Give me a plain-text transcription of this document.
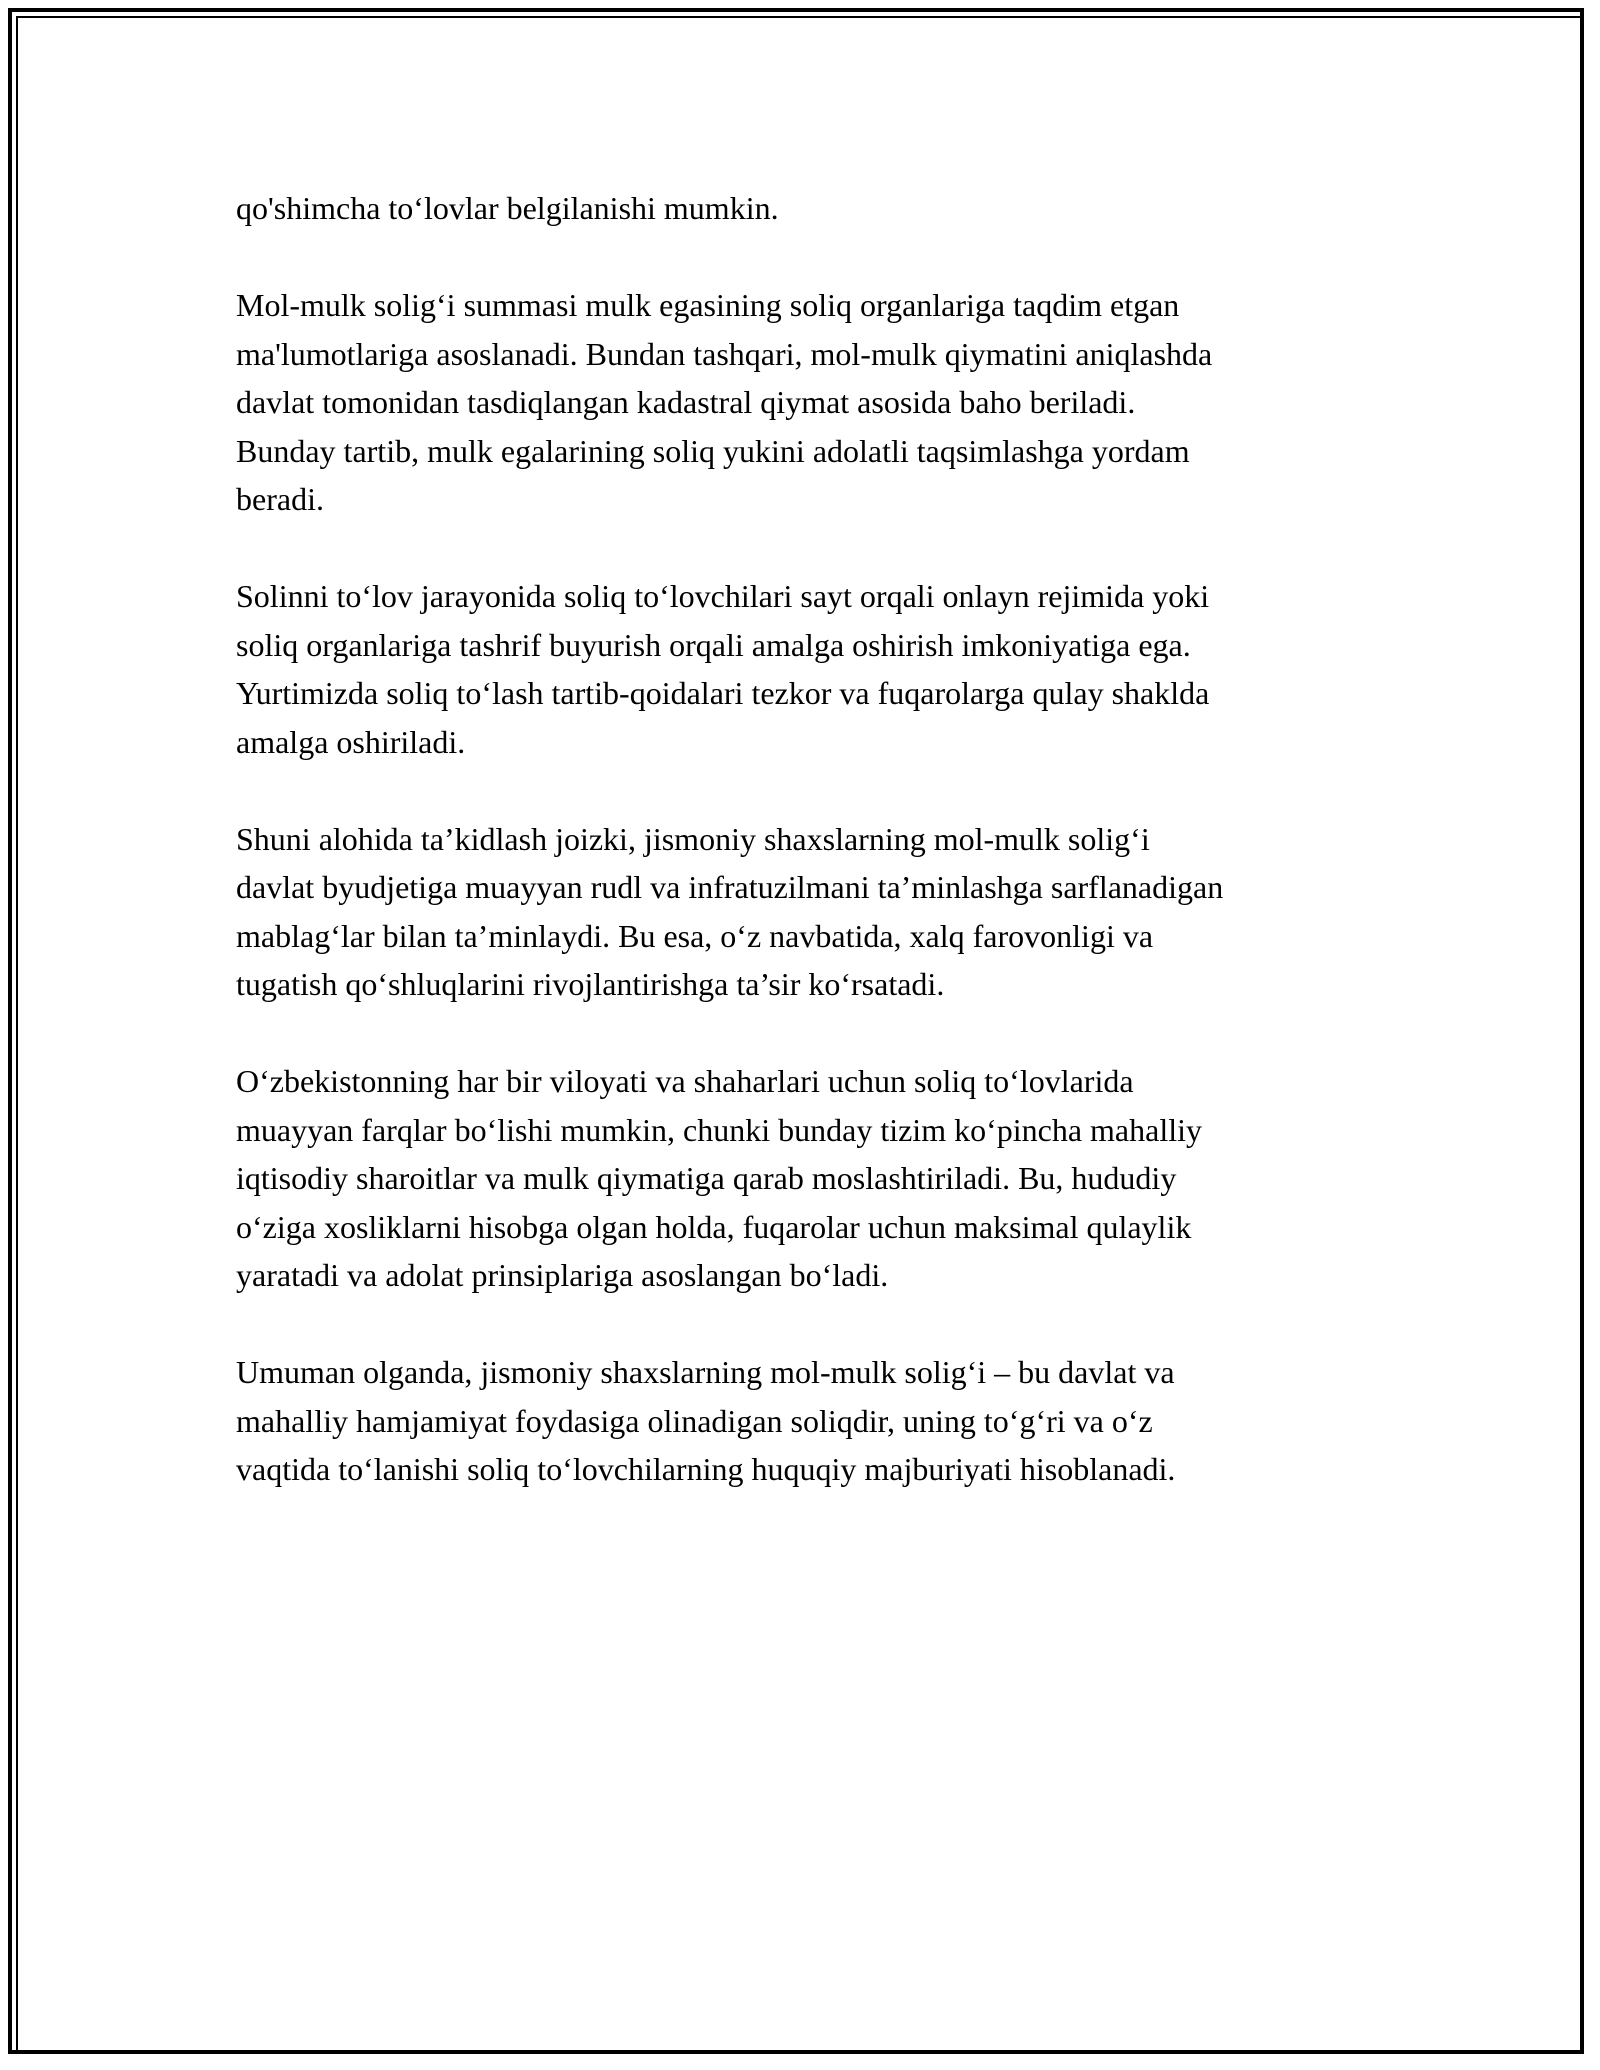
qo'shimcha to‘lovlar belgilanishi mumkin.

Mol-mulk solig‘i summasi mulk egasining soliq organlariga taqdim etgan
ma'lumotlariga asoslanadi. Bundan tashqari, mol-mulk qiymatini aniqlashda
davlat tomonidan tasdiqlangan kadastral qiymat asosida baho beriladi.
Bunday tartib, mulk egalarining soliq yukini adolatli taqsimlashga yordam
beradi.

Solinni to‘lov jarayonida soliq to‘lovchilari sayt orqali onlayn rejimida yoki
soliq organlariga tashrif buyurish orqali amalga oshirish imkoniyatiga ega.
Yurtimizda soliq to‘lash tartib-qoidalari tezkor va fuqarolarga qulay shaklda
amalga oshiriladi.

Shuni alohida ta’kidlash joizki, jismoniy shaxslarning mol-mulk solig‘i
davlat byudjetiga muayyan rudl va infratuzilmani ta’minlashga sarflanadigan
mablag‘lar bilan ta’minlaydi. Bu esa, o‘z navbatida, xalq farovonligi va
tugatish qo‘shluqlarini rivojlantirishga ta’sir ko‘rsatadi.

O‘zbekistonning har bir viloyati va shaharlari uchun soliq to‘lovlarida
muayyan farqlar bo‘lishi mumkin, chunki bunday tizim ko‘pincha mahalliy
iqtisodiy sharoitlar va mulk qiymatiga qarab moslashtiriladi. Bu, hududiy
o‘ziga xosliklarni hisobga olgan holda, fuqarolar uchun maksimal qulaylik
yaratadi va adolat prinsiplariga asoslangan bo‘ladi.

Umuman olganda, jismoniy shaxslarning mol-mulk solig‘i – bu davlat va
mahalliy hamjamiyat foydasiga olinadigan soliqdir, uning to‘g‘ri va o‘z
vaqtida to‘lanishi soliq to‘lovchilarning huquqiy majburiyati hisoblanadi.
